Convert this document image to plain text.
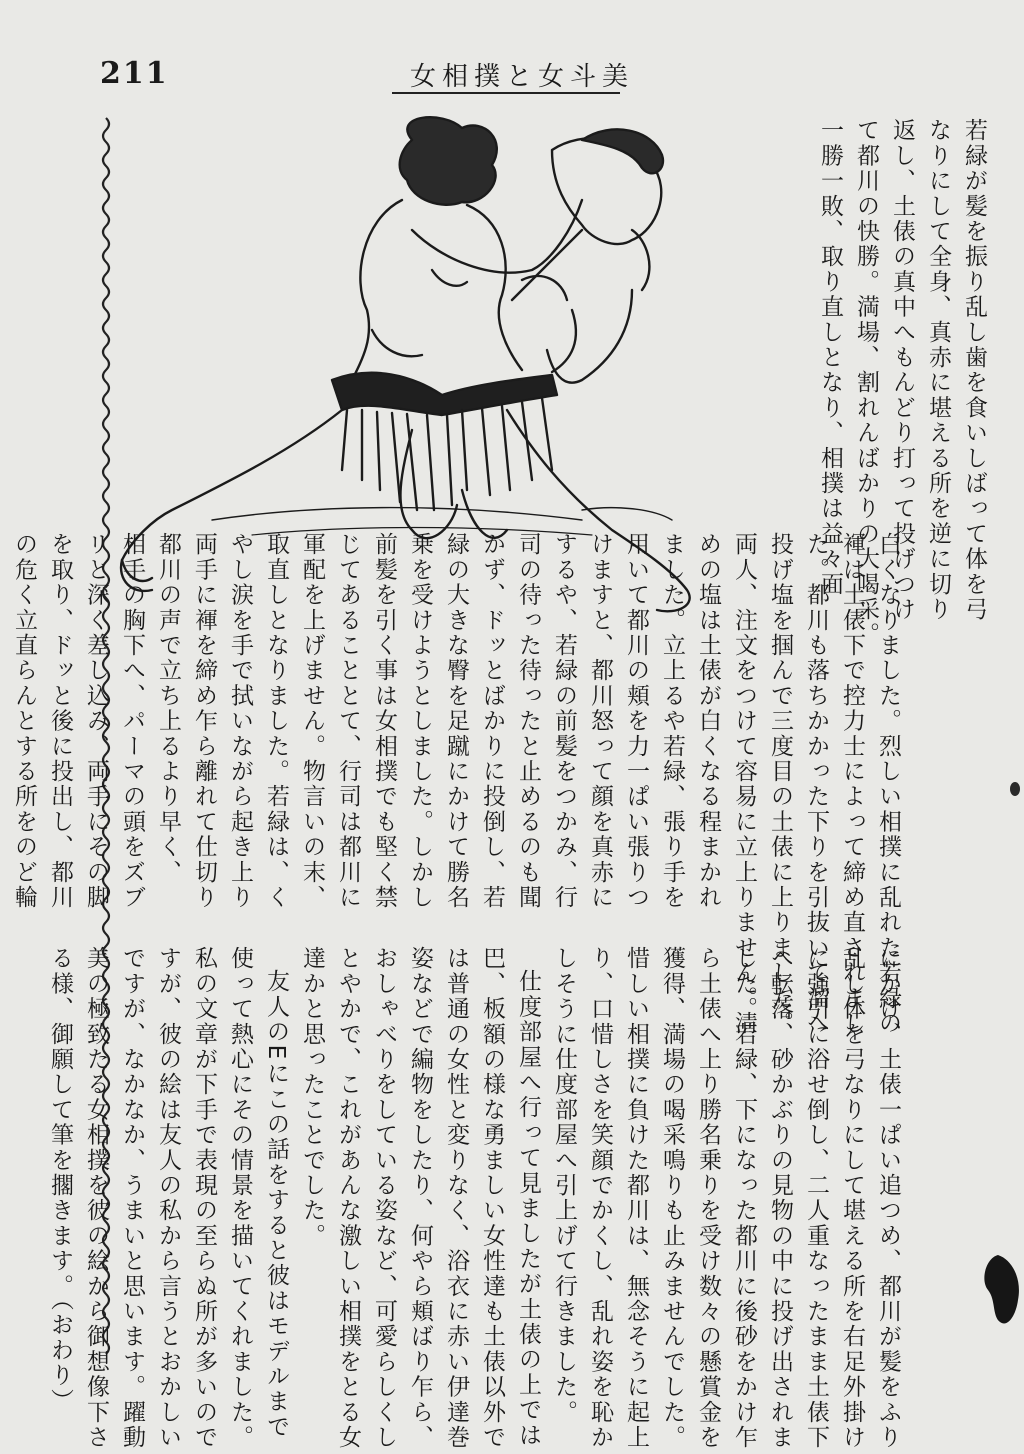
211	女相撲と女斗美
若緑が髪を振り乱し歯を食いしばって体を弓
なりにして全身、真赤に堪える所を逆に切り
返し、土俵の真中へもんどり打って投げつけ
て都川の快勝。満場、割れんばかりの大喝采。
一勝一敗、取り直しとなり、相撲は益々面
白くなりました。烈しい相撲に乱れた若緑の
褌は土俵下で控力士によって締め直されまし
た。都川も落ちかかった下りを引抜いて溜へ
投げ塩を掴んで三度目の土俵に上りました。
両人、注文をつけて容易に立上りません。清
めの塩は土俵が白くなる程まかれ
ました。立上るや若緑、張り手を
用いて都川の頬を力一ぱい張りつ
けますと、都川怒って顔を真赤に
するや、若緑の前髪をつかみ、行
司の待った待ったと止めるのも聞
かず、ドッとばかりに投倒し、若
緑の大きな臀を足蹴にかけて勝名
乗を受けようとしました。しかし
前髪を引く事は女相撲でも堅く禁
じてあることとて、行司は都川に
軍配を上げません。物言いの末、
取直しとなりました。若緑は、く
やし涙を手で拭いながら起き上り
両手に褌を締め乍ら離れて仕切り
都川の声で立ち上るより早く、
相手の胸下へ、パーマの頭をズブ
リと深く差し込み、両手にその脚
を取り、ドッと後に投出し、都川
の危く立直らんとする所をのど輪
にかけ、土俵一ぱい追つめ、都川が髪をふり
乱し体を弓なりにして堪える所を右足外掛け
に強引に浴せ倒し、二人重なったまま土俵下
へ転落、砂かぶりの見物の中に投げ出されま
した。若緑、下になった都川に後砂をかけ乍
ら土俵へ上り勝名乗りを受け数々の懸賞金を
獲得、満場の喝采鳴りも止みませんでした。
惜しい相撲に負けた都川は、無念そうに起上
り、口惜しさを笑顔でかくし、乱れ姿を恥か
しそうに仕度部屋へ引上げて行きました。
仕度部屋へ行って見ましたが土俵の上では
巴、板額の様な勇ましい女性達も土俵以外で
は普通の女性と変りなく、浴衣に赤い伊達巻
姿などで編物をしたり、何やら頬ばり乍ら、
おしゃべりをしている姿など、可愛らしくし
とやかで、これがあんな激しい相撲をとる女
達かと思ったことでした。
友人のEにこの話をすると彼はモデルまで
使って熱心にその情景を描いてくれました。
私の文章が下手で表現の至らぬ所が多いので
すが、彼の絵は友人の私から言うとおかしい
ですが、なかなか、うまいと思います。躍動
美の極致たる女相撲を彼の絵から御想像下さ
る様、御願して筆を擱きます。（おわり）
